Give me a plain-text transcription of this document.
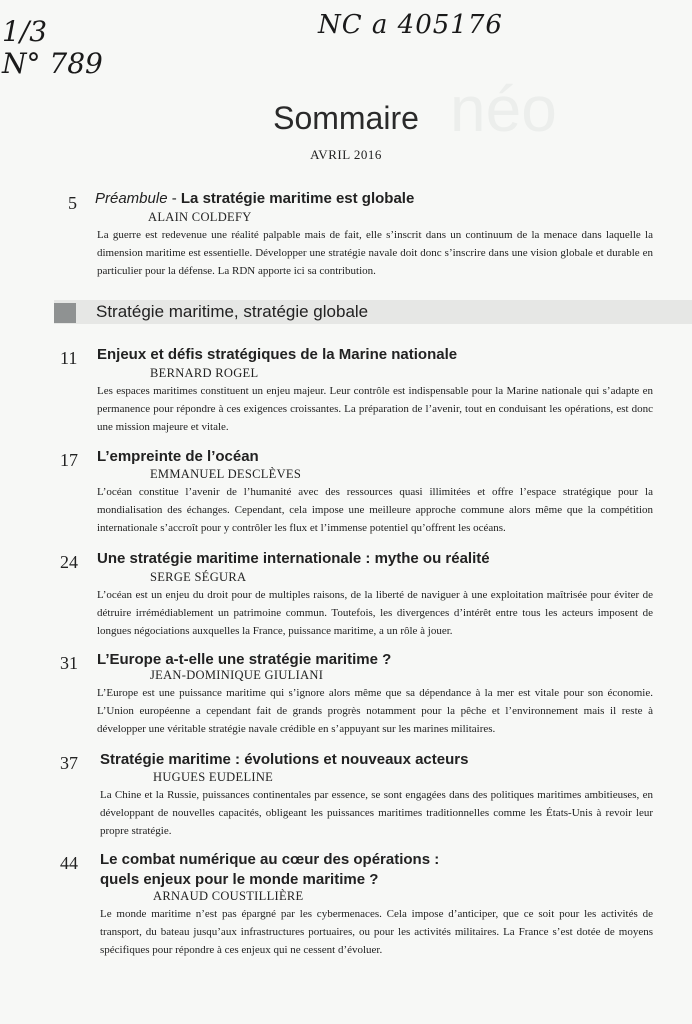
1/3
N° 789
NC a 405176
néo
Sommaire
AVRIL 2016
5 Préambule - La stratégie maritime est globale
ALAIN COLDEFY
La guerre est redevenue une réalité palpable mais de fait, elle s’inscrit dans un continuum de la menace dans laquelle la dimension maritime est essentielle. Développer une stratégie navale doit donc s’inscrire dans une vision globale et durable en particulier pour la défense. La RDN apporte ici sa contribution.
Stratégie maritime, stratégie globale
11 Enjeux et défis stratégiques de la Marine nationale
BERNARD ROGEL
Les espaces maritimes constituent un enjeu majeur. Leur contrôle est indispensable pour la Marine nationale qui s’adapte en permanence pour répondre à ces exigences croissantes. La préparation de l’avenir, tout en conduisant les opérations, est donc une mission majeure et vitale.
17 L’empreinte de l’océan
EMMANUEL DESCLÈVES
L’océan constitue l’avenir de l’humanité avec des ressources quasi illimitées et offre l’espace stratégique pour la mondialisation des échanges. Cependant, cela impose une meilleure approche commune alors même que la compétition internationale s’accroît pour y contrôler les flux et l’immense potentiel qu’offrent les océans.
24 Une stratégie maritime internationale : mythe ou réalité
SERGE SÉGURA
L’océan est un enjeu du droit pour de multiples raisons, de la liberté de naviguer à une exploitation maîtrisée pour éviter de détruire irrémédiablement un patrimoine commun. Toutefois, les divergences d’intérêt entre tous les acteurs imposent de longues négociations auxquelles la France, puissance maritime, a un rôle à jouer.
31 L’Europe a-t-elle une stratégie maritime ?
JEAN-DOMINIQUE GIULIANI
L’Europe est une puissance maritime qui s’ignore alors même que sa dépendance à la mer est vitale pour son économie. L’Union européenne a cependant fait de grands progrès notamment pour la pêche et l’environnement mais il reste à développer une véritable stratégie navale crédible en s’appuyant sur les marines militaires.
37 Stratégie maritime : évolutions et nouveaux acteurs
HUGUES EUDELINE
La Chine et la Russie, puissances continentales par essence, se sont engagées dans des politiques maritimes ambitieuses, en développant de nouvelles capacités, obligeant les puissances maritimes traditionnelles comme les États-Unis à revoir leur propre stratégie.
44 Le combat numérique au cœur des opérations :
quels enjeux pour le monde maritime ?
ARNAUD COUSTILLIÈRE
Le monde maritime n’est pas épargné par les cybermenaces. Cela impose d’anticiper, que ce soit pour les activités de transport, du bateau jusqu’aux infrastructures portuaires, ou pour les activités militaires. La France s’est dotée de moyens spécifiques pour répondre à ces enjeux qui ne cessent d’évoluer.
